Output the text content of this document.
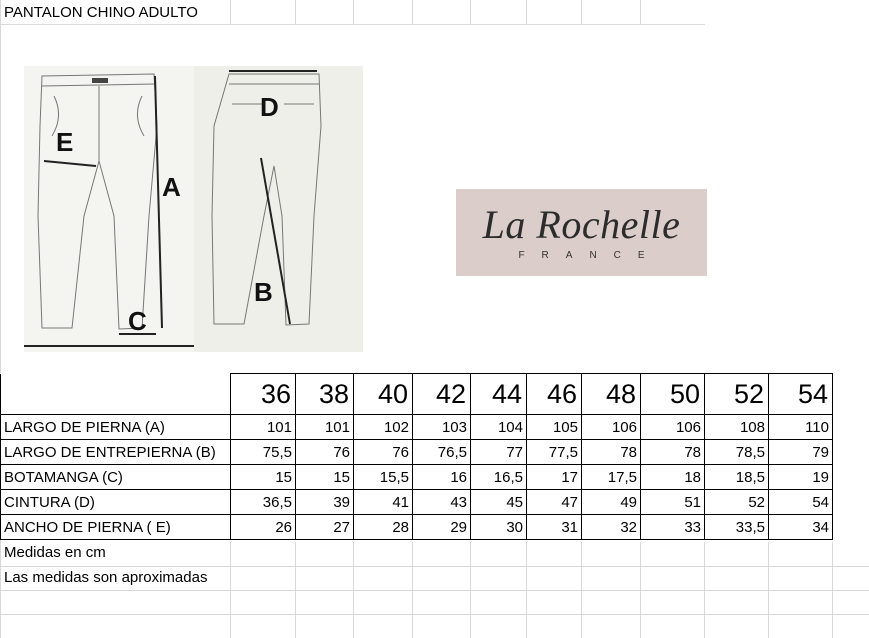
PANTALON CHINO ADULTO
A
B
C
D
E
La Rochelle
FRANCE
	36	38	40	42	44	46	48	50	52	54
LARGO DE PIERNA (A)	101	101	102	103	104	105	106	106	108	110
LARGO DE ENTREPIERNA (B)	75,5	76	76	76,5	77	77,5	78	78	78,5	79
BOTAMANGA (C)	15	15	15,5	16	16,5	17	17,5	18	18,5	19
CINTURA (D)	36,5	39	41	43	45	47	49	51	52	54
ANCHO DE PIERNA ( E)	26	27	28	29	30	31	32	33	33,5	34
Medidas en cm
Las medidas son aproximadas
